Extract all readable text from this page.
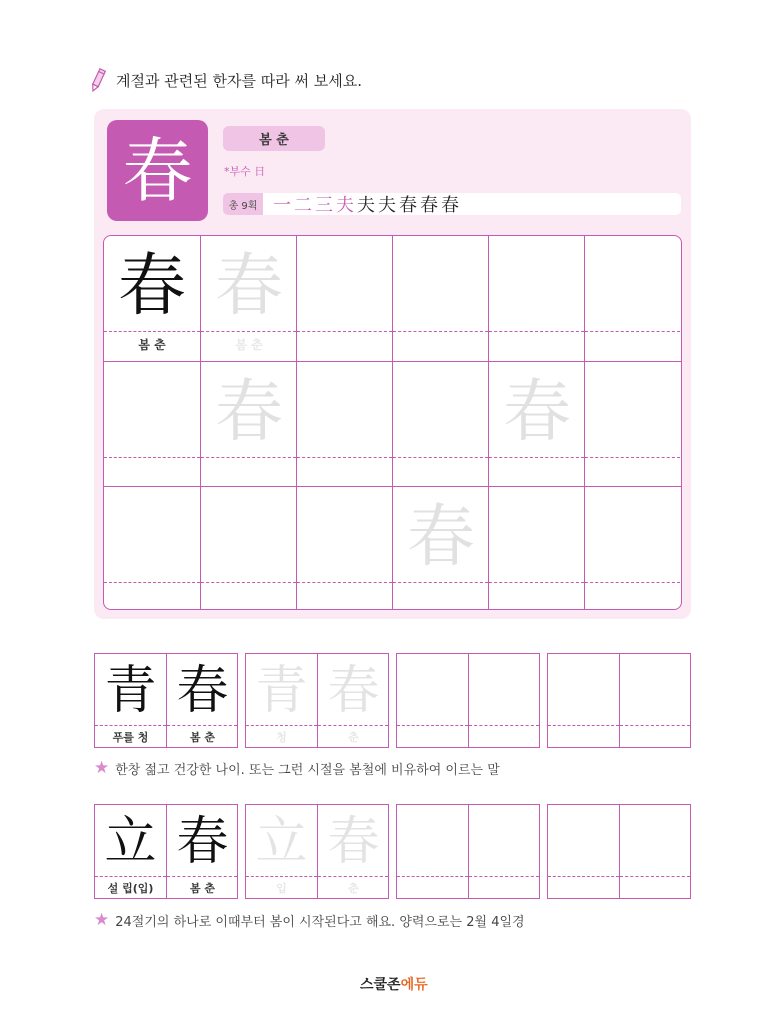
계절과 관련된 한자를 따라 써 보세요.
春	봄 춘
*부수 日
총 9획 一 二 三 夫 夫 夫 春 春 春
春
봄 춘
春
봄 춘
春	春
春
青
푸를 청
春
봄 춘
青
청
春
춘
★ 한창 젊고 건강한 나이. 또는 그런 시절을 봄철에 비유하여 이르는 말
立
설 립(입)
春
봄 춘
立
입
春
춘
★ 24절기의 하나로 이때부터 봄이 시작된다고 해요. 양력으로는 2월 4일경
스쿨존 에듀
